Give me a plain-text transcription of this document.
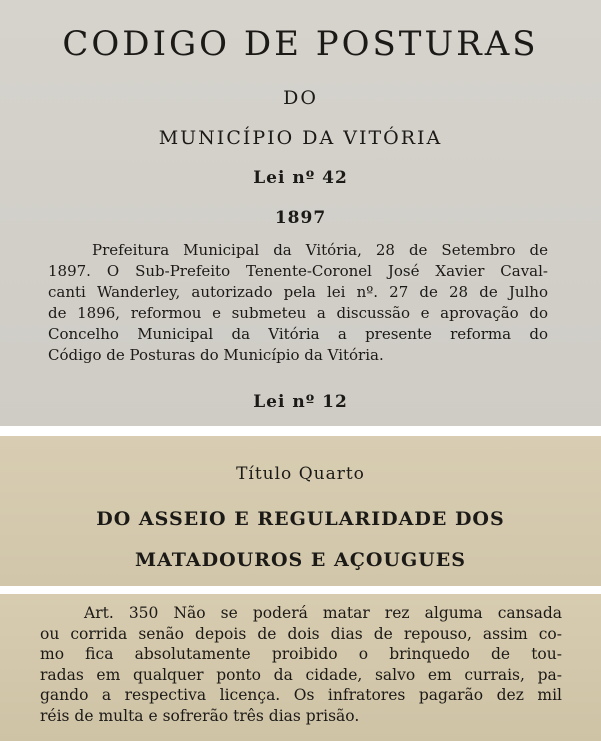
CODIGO DE POSTURAS
DO
MUNICÍPIO DA VITÓRIA
Lei nº 42
1897
Prefeitura Municipal da Vitória, 28 de Setembro de
1897. O Sub-Prefeito Tenente-Coronel José Xavier Caval-
canti Wanderley, autorizado pela lei nº. 27 de 28 de Julho
de 1896, reformou e submeteu a discussão e aprovação do
Concelho Municipal da Vitória a presente reforma do
Código de Posturas do Município da Vitória.
Lei nº 12
Título Quarto
DO ASSEIO E REGULARIDADE DOS
MATADOUROS E AÇOUGUES
Art. 350 Não se poderá matar rez alguma cansada
ou corrida senão depois de dois dias de repouso, assim co-
mo fica absolutamente proibido o brinquedo de tou-
radas em qualquer ponto da cidade, salvo em currais, pa-
gando a respectiva licença. Os infratores pagarão dez mil
réis de multa e sofrerão três dias prisão.
